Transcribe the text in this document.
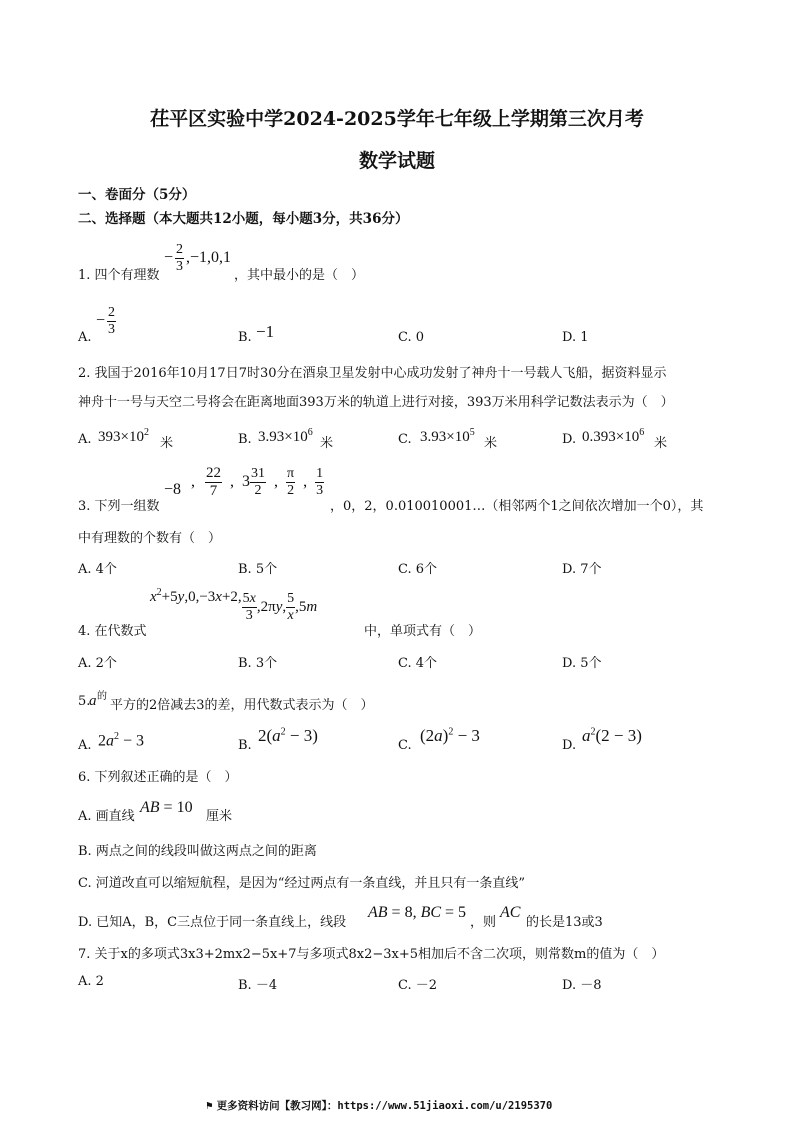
茌平区实验中学2024-2025学年七年级上学期第三次月考
数学试题
一、卷面分（5分）
二、选择题（本大题共12小题，每小题3分，共36分）
1. 四个有理数
− $\frac{2}{3} ,-1,0,1$
，其中最小的是（　）
A.
− $\frac{2}{3}$
B. −1	C. 0	D. 1
2. 我国于2016年10月17日7时30分在酒泉卫星发射中心成功发射了神舟十一号载人飞船，据资料显示
神舟十一号与天空二号将会在距离地面393万米的轨道上进行对接，393万米用科学记数法表示为（　）
A. $393\times 10^2$
米	B. $3.93\times 10^6$
米	C. $3.93\times 10^5$
米	D. $0.393\times 10^6$
米
3. 下列一组数
−8 , $\frac{22}{7}$ , $3 \frac{31}{2}$ , $\frac{\pi}{2}$ , $\frac{1}{3}$
，0，2，0.010010001…（相邻两个1之间依次增加一个0），其
中有理数的个数有（　）
A. 4个	B. 5个	C. 6个	D. 7个
4. 在代数式
$x^2+5y,0,-3x+2$, $\frac{5x}{3} ,2\pi y$, $\frac{5}{x} ,5m$
中，单项式有（　）
A. 2个	B. 3个	C. 4个	D. 5个
5.
a 的
平方的2倍减去3的差，用代数式表示为（　）
A. $2a^2 - 3$	B.
$2(a^2 - 3)$
C.
$(2a)^2 - 3$
D.
$a^2(2 - 3)$
6. 下列叙述正确的是（　）
A. 画直线
AB = 10
厘米
B. 两点之间的线段叫做这两点之间的距离
C. 河道改直可以缩短航程，是因为“经过两点有一条直线，并且只有一条直线”
D. 已知A，B，C三点位于同一条直线上，线段
AB = 8, BC = 5
，则
AC
的长是13或3
7. 关于x的多项式3x3+2mx2−5x+7与多项式8x2−3x+5相加后不含二次项，则常数m的值为（　）
A. 2	B. －4	C. －2	D. －8
⚑ 更多资料访问【教习网】：https://www.51jiaoxi.com/u/2195370
